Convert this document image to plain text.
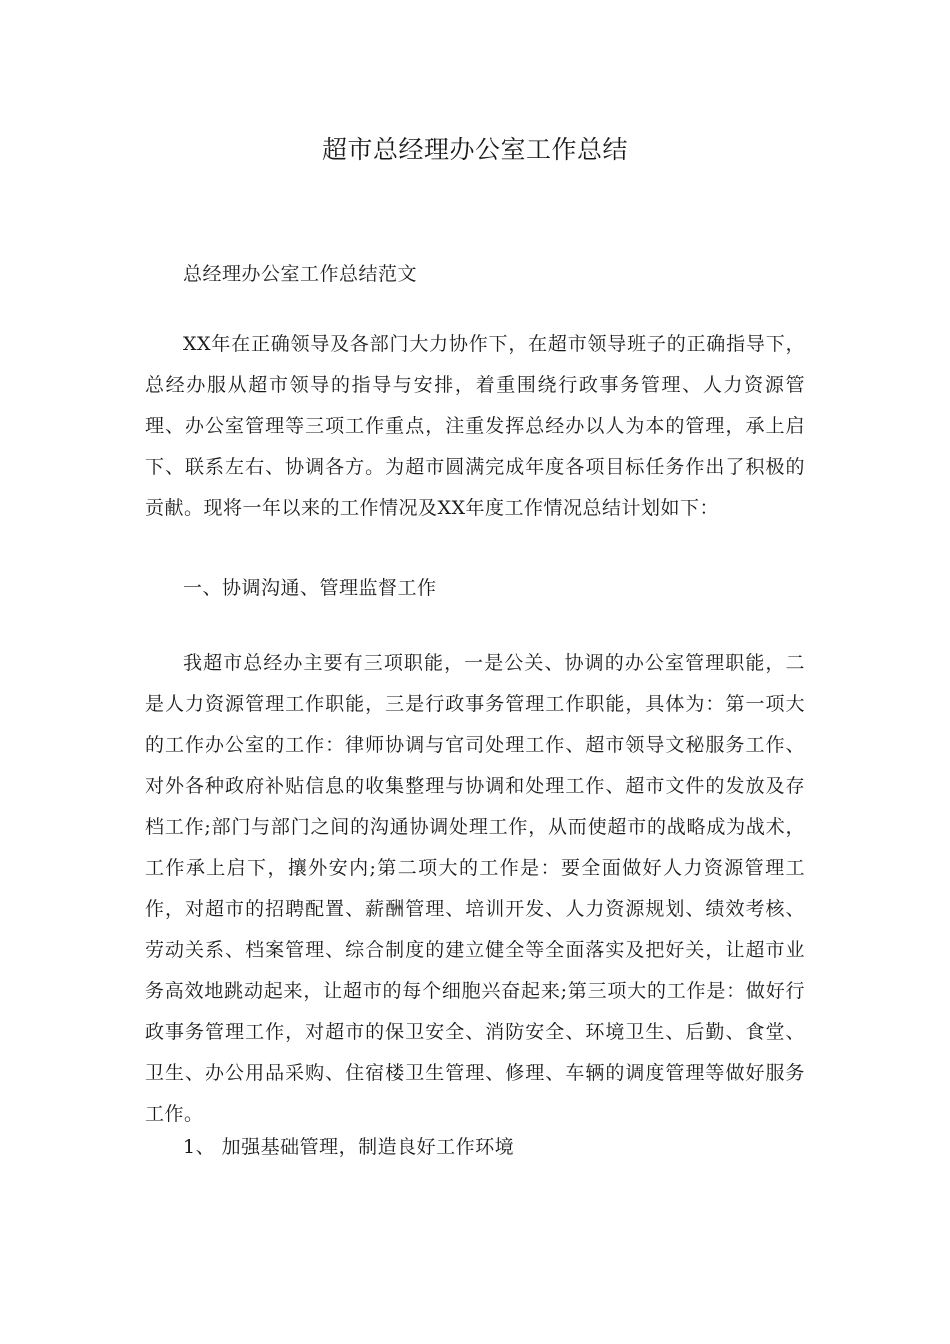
超市总经理办公室工作总结

总经理办公室工作总结范文

XX年在正确领导及各部门大力协作下，在超市领导班子的正确指导下，总经办服从超市领导的指导与安排，着重围绕行政事务管理、人力资源管理、办公室管理等三项工作重点，注重发挥总经办以人为本的管理，承上启下、联系左右、协调各方。为超市圆满完成年度各项目标任务作出了积极的贡献。现将一年以来的工作情况及XX年度工作情况总结计划如下：

一、协调沟通、管理监督工作

我超市总经办主要有三项职能，一是公关、协调的办公室管理职能，二是人力资源管理工作职能，三是行政事务管理工作职能，具体为：第一项大的工作办公室的工作：律师协调与官司处理工作、超市领导文秘服务工作、对外各种政府补贴信息的收集整理与协调和处理工作、超市文件的发放及存档工作;部门与部门之间的沟通协调处理工作，从而使超市的战略成为战术，工作承上启下，攘外安内;第二项大的工作是：要全面做好人力资源管理工作，对超市的招聘配置、薪酬管理、培训开发、人力资源规划、绩效考核、劳动关系、档案管理、综合制度的建立健全等全面落实及把好关，让超市业务高效地跳动起来，让超市的每个细胞兴奋起来;第三项大的工作是：做好行政事务管理工作，对超市的保卫安全、消防安全、环境卫生、后勤、食堂、卫生、办公用品采购、住宿楼卫生管理、修理、车辆的调度管理等做好服务工作。

1、 加强基础管理，制造良好工作环境
